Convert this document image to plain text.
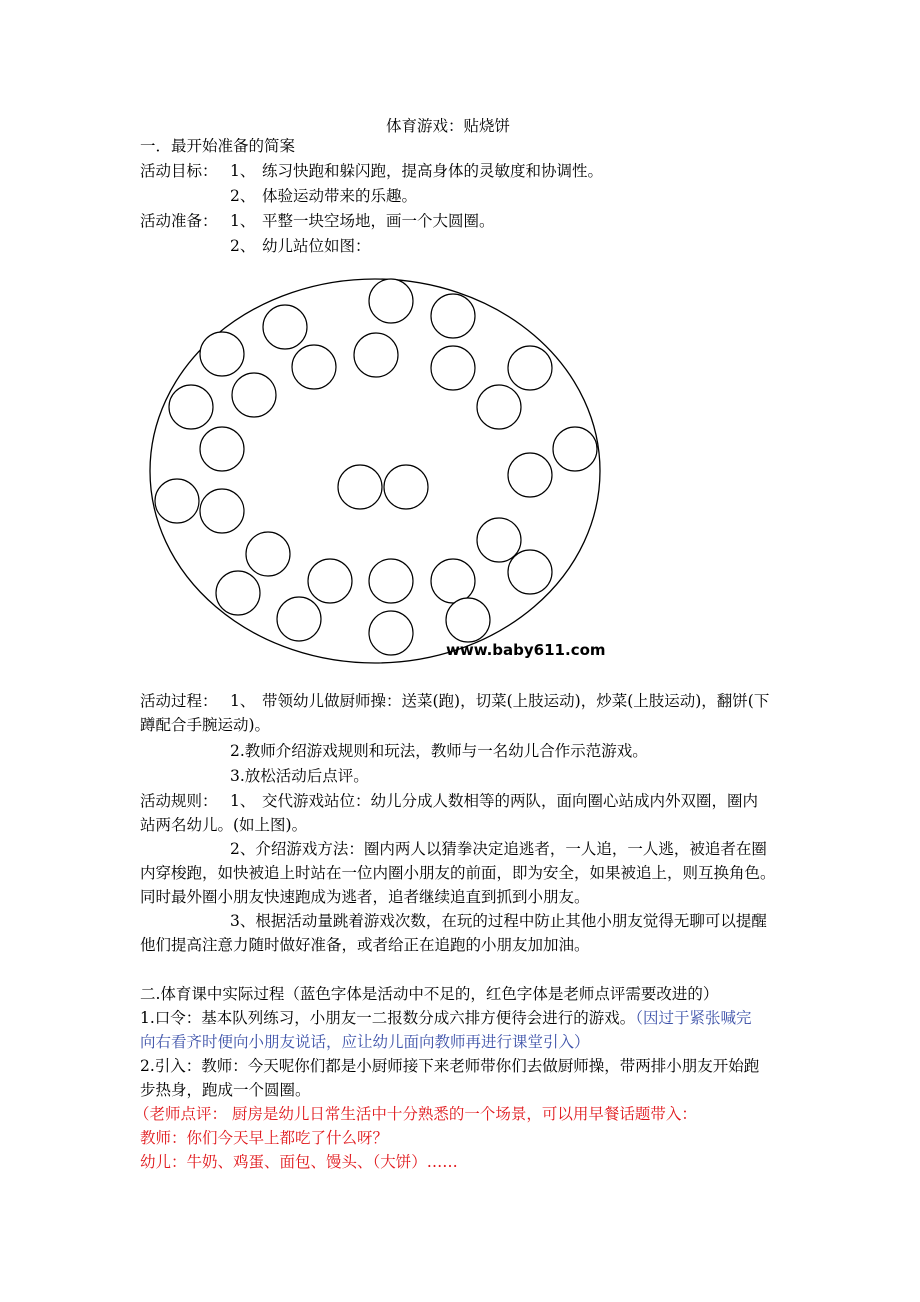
体育游戏：贴烧饼
一．最开始准备的简案
活动目标： 1、 练习快跑和躲闪跑，提高身体的灵敏度和协调性。
2、 体验运动带来的乐趣。
活动准备： 1、 平整一块空场地，画一个大圆圈。
2、 幼儿站位如图：
www.baby611.com
活动过程： 1、 带领幼儿做厨师操：送菜(跑)，切菜(上肢运动)，炒菜(上肢运动)，翻饼(下
蹲配合手腕运动)。
2.教师介绍游戏规则和玩法，教师与一名幼儿合作示范游戏。
3.放松活动后点评。
活动规则： 1、 交代游戏站位：幼儿分成人数相等的两队，面向圈心站成内外双圈，圈内
站两名幼儿。(如上图)。
2、介绍游戏方法：圈内两人以猜拳决定追逃者，一人追，一人逃，被追者在圈
内穿梭跑，如快被追上时站在一位内圈小朋友的前面，即为安全，如果被追上，则互换角色。
同时最外圈小朋友快速跑成为逃者，追者继续追直到抓到小朋友。
3、根据活动量跳着游戏次数，在玩的过程中防止其他小朋友觉得无聊可以提醒
他们提高注意力随时做好准备，或者给正在追跑的小朋友加加油。
二.体育课中实际过程（蓝色字体是活动中不足的，红色字体是老师点评需要改进的）
1.口令：基本队列练习，小朋友一二报数分成六排方便待会进行的游戏。（因过于紧张喊完
向右看齐时便向小朋友说话，应让幼儿面向教师再进行课堂引入）
2.引入：教师：今天呢你们都是小厨师接下来老师带你们去做厨师操，带两排小朋友开始跑
步热身，跑成一个圆圈。
（老师点评： 厨房是幼儿日常生活中十分熟悉的一个场景，可以用早餐话题带入：
教师：你们今天早上都吃了什么呀？
幼儿：牛奶、鸡蛋、面包、馒头、（大饼）……
